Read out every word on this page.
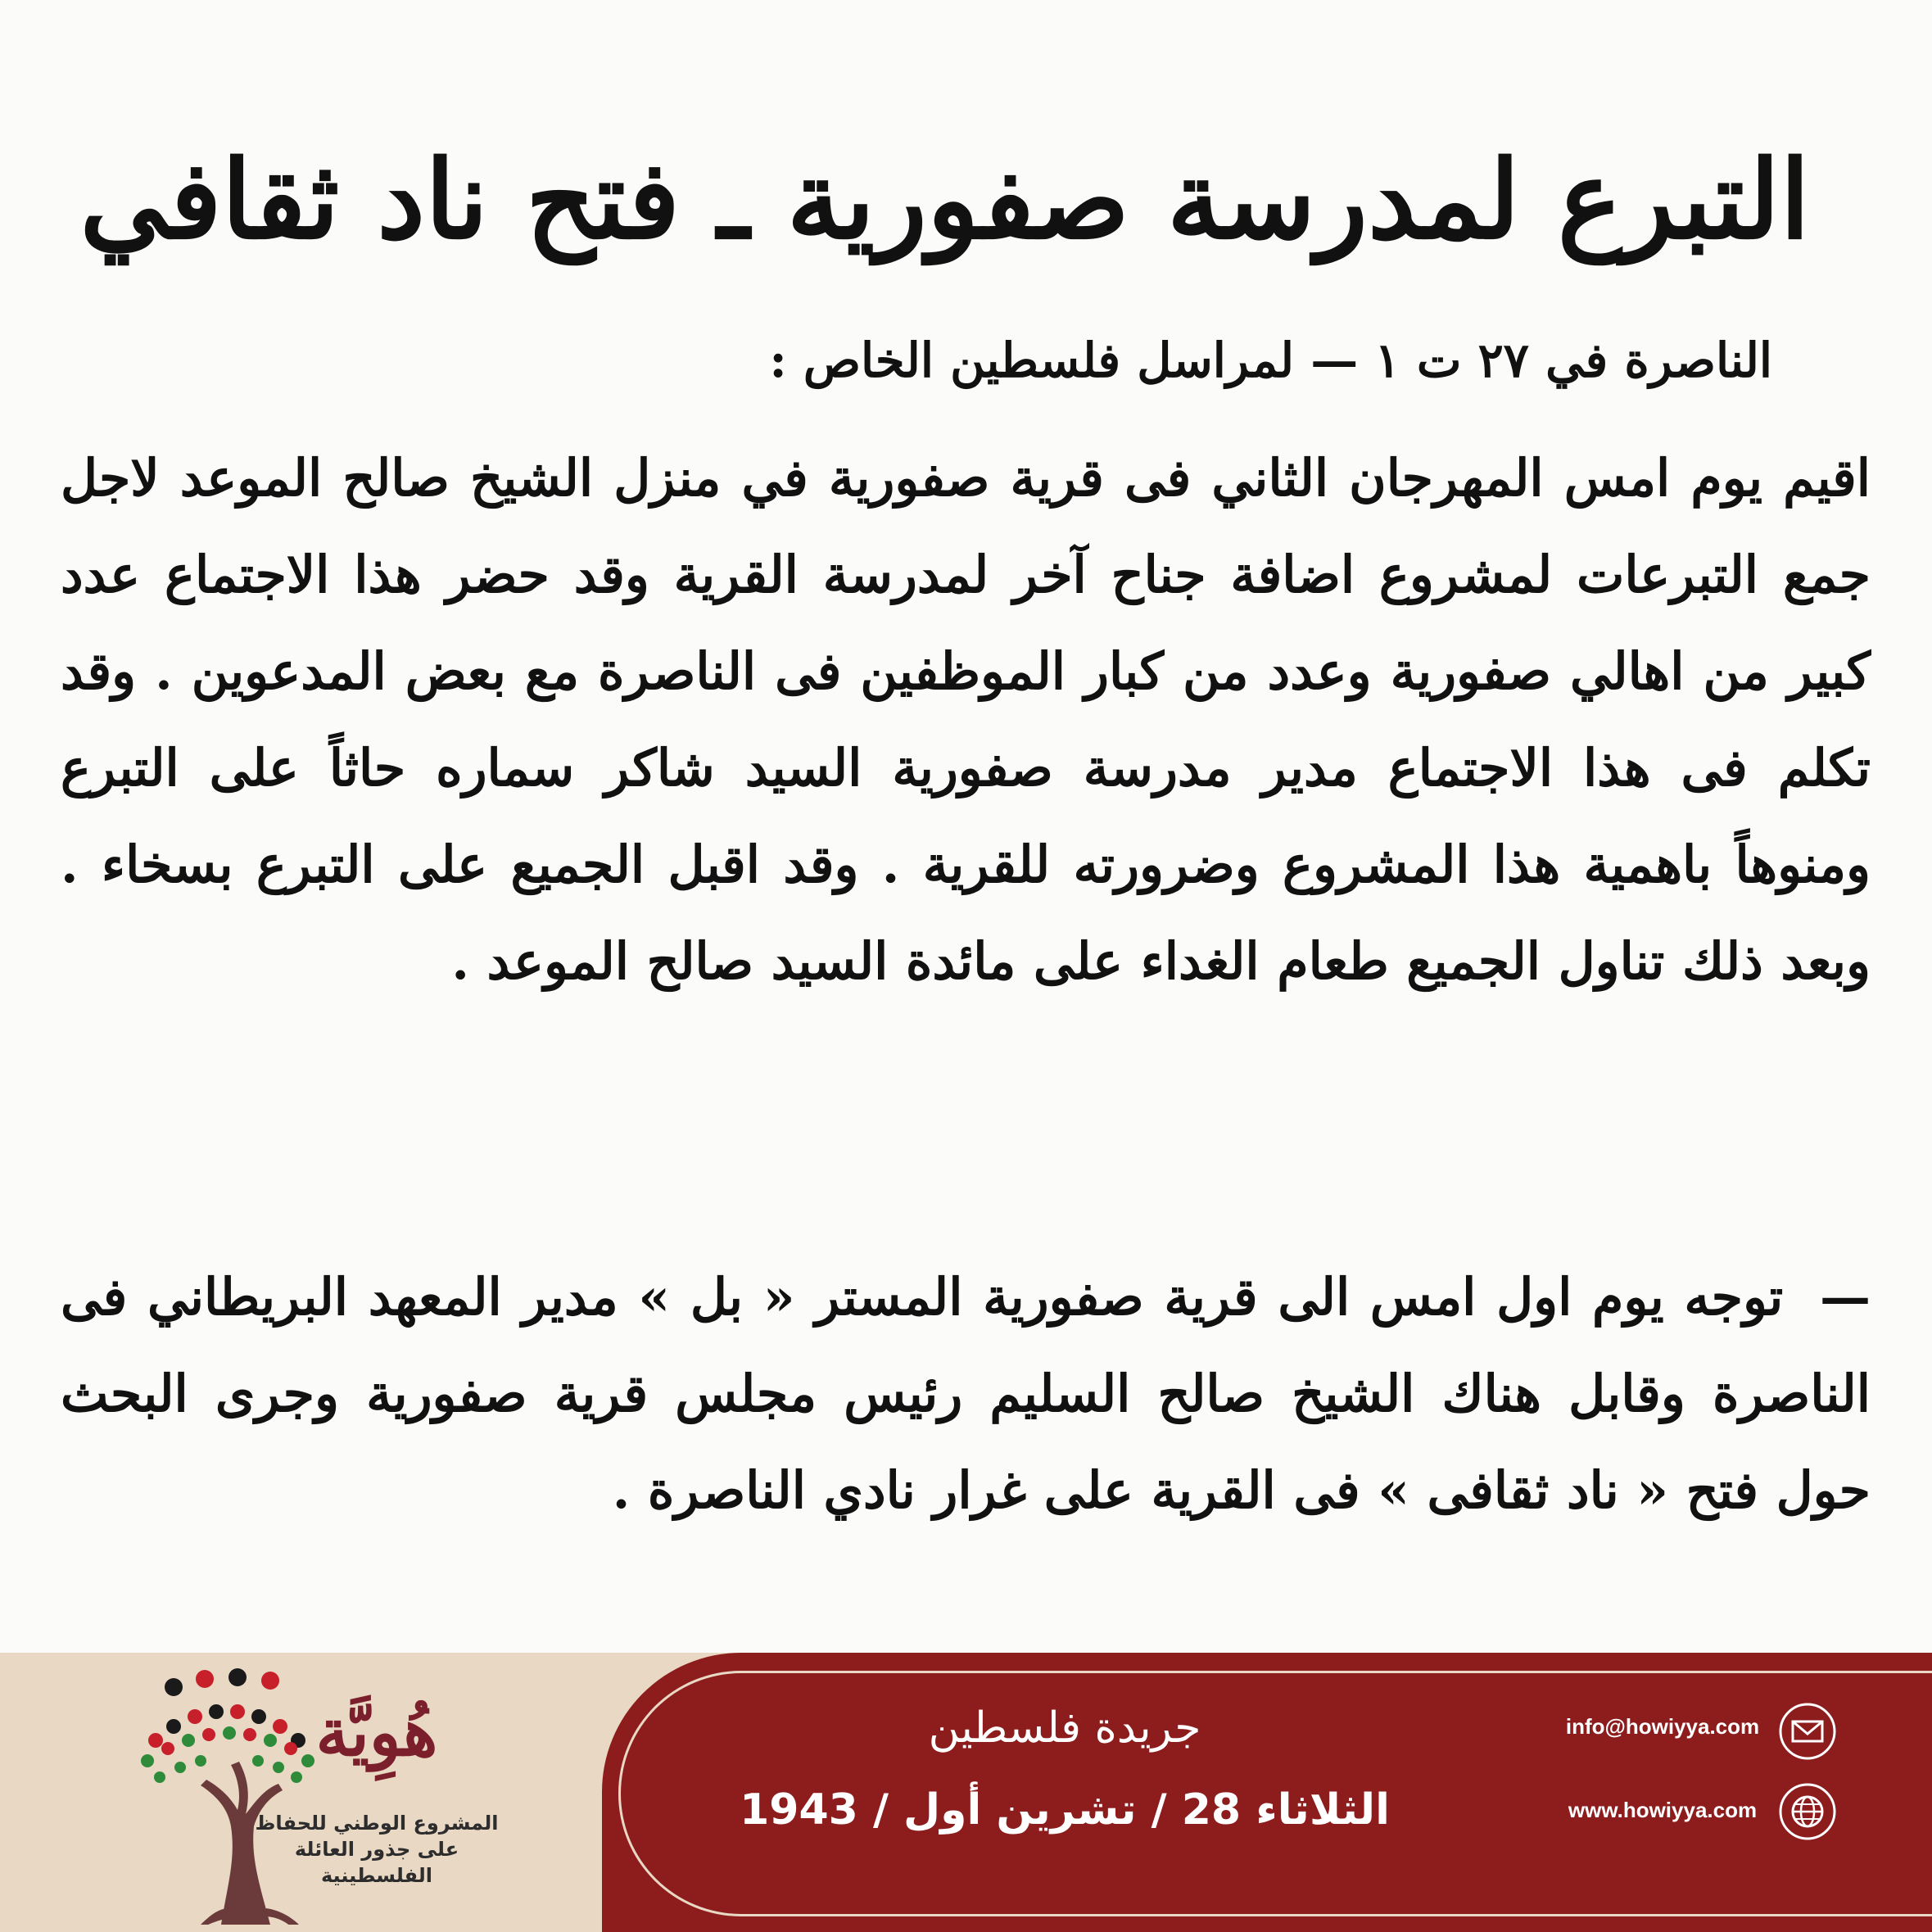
التبرع لمدرسة صفورية ـ فتح ناد ثقافي
الناصرة في ٢٧ ت ١ — لمراسل فلسطين الخاص :
اقيم يوم امس المهرجان الثاني فى قرية صفورية في منزل الشيخ صالح الموعد لاجل جمع التبرعات لمشروع اضافة جناح آخر لمدرسة القرية وقد حضر هذا الاجتماع عدد كبير من اهالي صفورية وعدد من كبار الموظفين فى الناصرة مع بعض المدعوين . وقد تكلم فى هذا الاجتماع مدير مدرسة صفورية السيد شاكر سماره حاثاً على التبرع ومنوهاً باهمية هذا المشروع وضرورته للقرية . وقد اقبل الجميع على التبرع بسخاء . وبعد ذلك تناول الجميع طعام الغداء على مائدة السيد صالح الموعد .
— توجه يوم اول امس الى قرية صفورية المستر « بل » مدير المعهد البريطاني فى الناصرة وقابل هناك الشيخ صالح السليم رئيس مجلس قرية صفورية وجرى البحث حول فتح « ناد ثقافى » فى القرية على غرار نادي الناصرة .
هُوِيَّة
المشروع الوطني للحفاظ على جذور العائلة الفلسطينية
جريدة فلسطين
الثلاثاء 28 / تشرين أول / 1943
info@howiyya.com
www.howiyya.com
